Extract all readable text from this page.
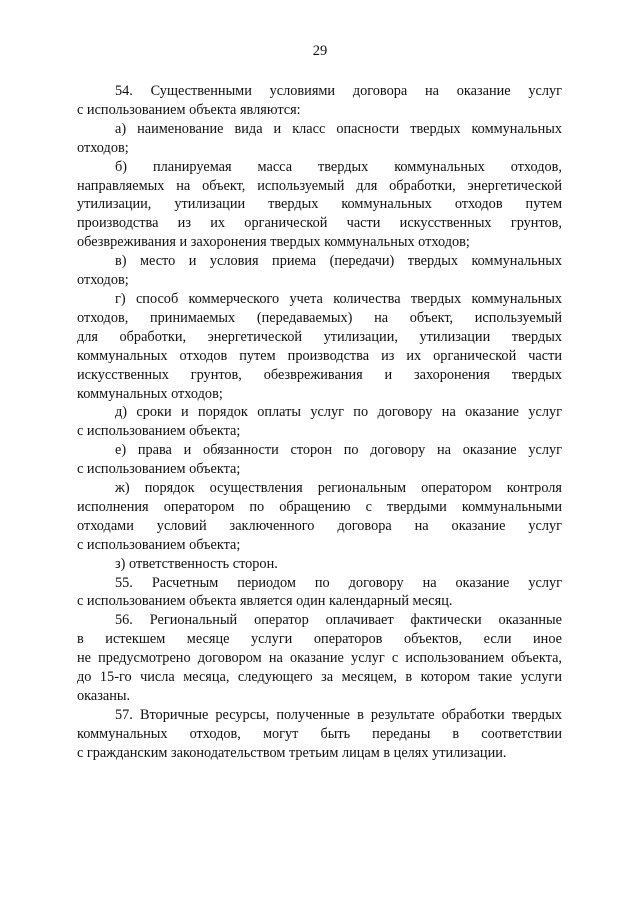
29

54. Существенными условиями договора на оказание услуг
с использованием объекта являются:

а) наименование вида и класс опасности твердых коммунальных
отходов;

б) планируемая масса твердых коммунальных отходов,
направляемых на объект, используемый для обработки, энергетической
утилизации, утилизации твердых коммунальных отходов путем
производства из их органической части искусственных грунтов,
обезвреживания и захоронения твердых коммунальных отходов;

в) место и условия приема (передачи) твердых коммунальных
отходов;

г) способ коммерческого учета количества твердых коммунальных
отходов, принимаемых (передаваемых) на объект, используемый
для обработки, энергетической утилизации, утилизации твердых
коммунальных отходов путем производства из их органической части
искусственных грунтов, обезвреживания и захоронения твердых
коммунальных отходов;

д) сроки и порядок оплаты услуг по договору на оказание услуг
с использованием объекта;

е) права и обязанности сторон по договору на оказание услуг
с использованием объекта;

ж) порядок осуществления региональным оператором контроля
исполнения оператором по обращению с твердыми коммунальными
отходами условий заключенного договора на оказание услуг
с использованием объекта;

з) ответственность сторон.

55. Расчетным периодом по договору на оказание услуг
с использованием объекта является один календарный месяц.

56. Региональный оператор оплачивает фактически оказанные
в истекшем месяце услуги операторов объектов, если иное
не предусмотрено договором на оказание услуг с использованием объекта,
до 15-го числа месяца, следующего за месяцем, в котором такие услуги
оказаны.

57. Вторичные ресурсы, полученные в результате обработки твердых
коммунальных отходов, могут быть переданы в соответствии
с гражданским законодательством третьим лицам в целях утилизации.
